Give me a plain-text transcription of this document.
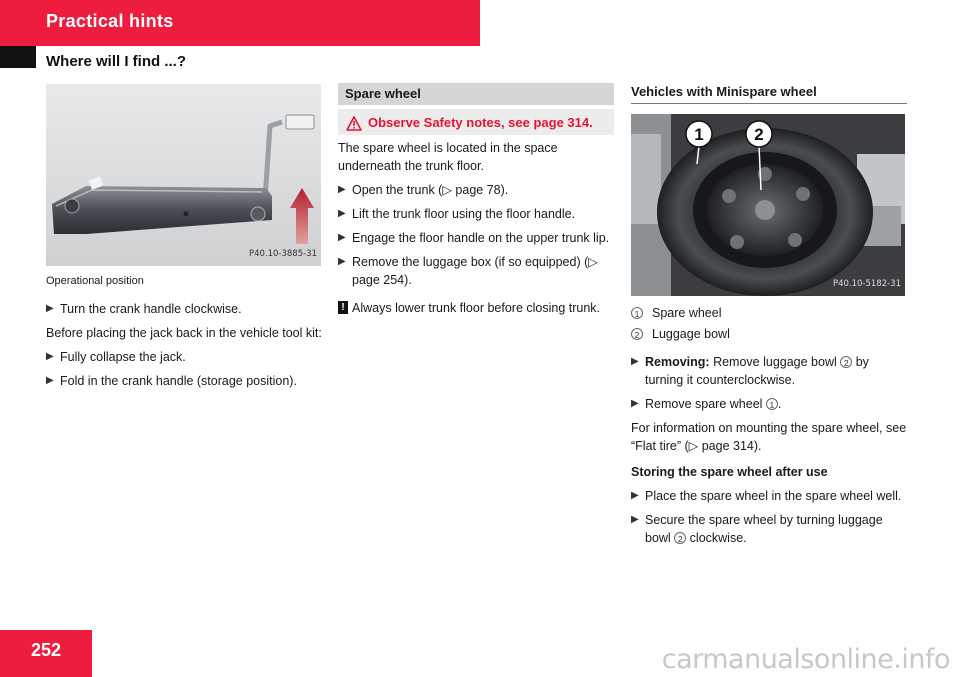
Practical hints
Where will I find ...?
P40.10-3885-31
Operational position
▶ Turn the crank handle clockwise.

Before placing the jack back in the vehicle tool kit:

▶ Fully collapse the jack.
▶ Fold in the crank handle (storage position).
Spare wheel
Observe Safety notes, see page 314.

The spare wheel is located in the space underneath the trunk floor.

▶ Open the trunk (▷ page 78).
▶ Lift the trunk floor using the floor handle.
▶ Engage the floor handle on the upper trunk lip.
▶ Remove the luggage box (if so equipped) (▷ page 254).
! Always lower trunk floor before closing trunk.
Vehicles with Minispare wheel
1	2
P40.10-5182-31
1 Spare wheel
2 Luggage bowl
▶ Removing: Remove luggage bowl 2 by turning it counterclockwise.
▶ Remove spare wheel 1 .

For information on mounting the spare wheel, see “Flat tire” (▷ page 314).

Storing the spare wheel after use
▶ Place the spare wheel in the spare wheel well.
▶ Secure the spare wheel by turning luggage bowl 2 clockwise.
252	carmanualsonline.info
